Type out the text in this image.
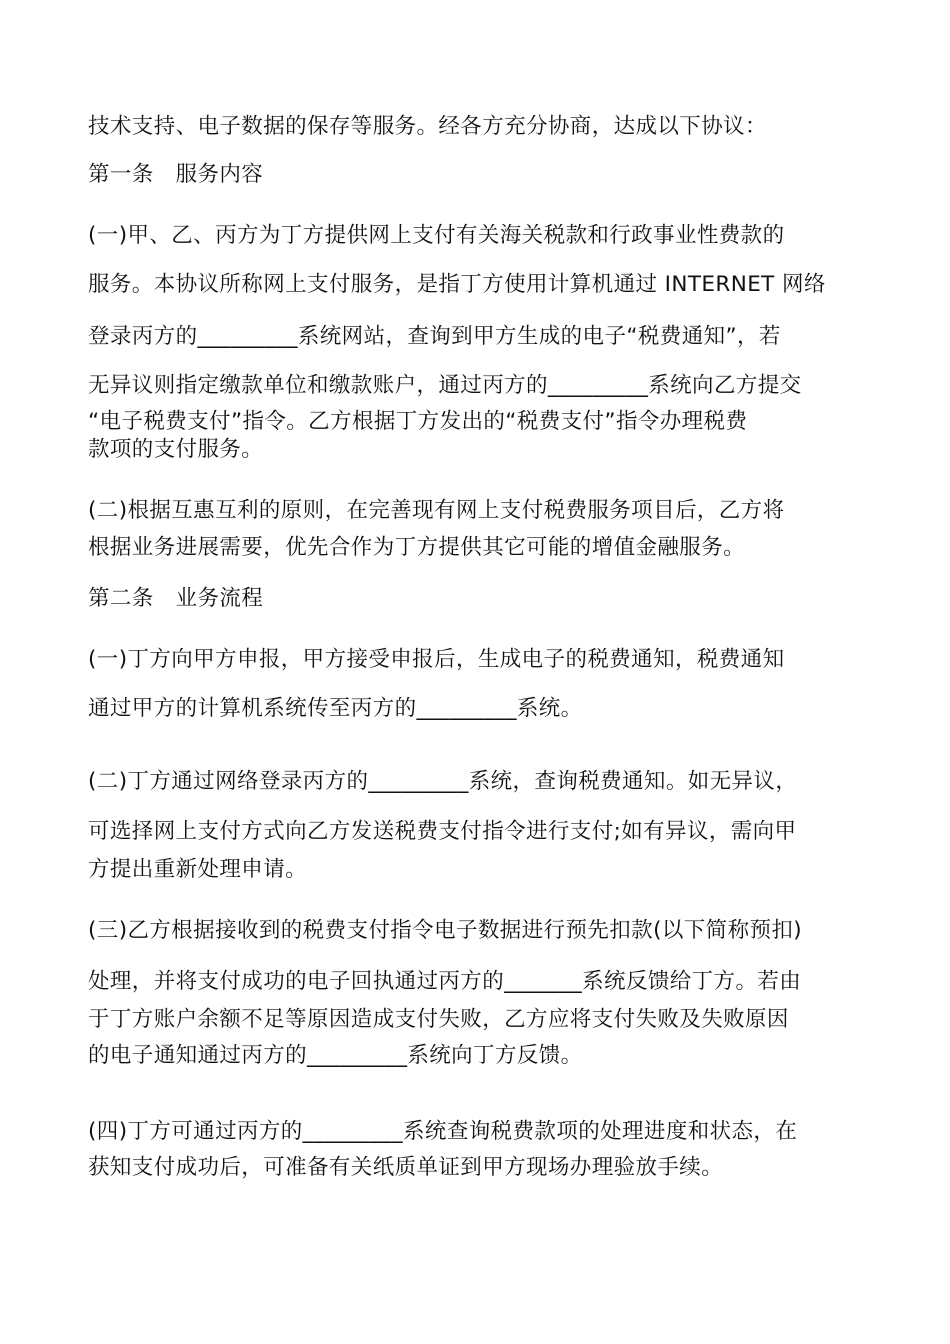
技术支持、电子数据的保存等服务。经各方充分协商，达成以下协议：
第一条　服务内容
(一)甲、乙、丙方为丁方提供网上支付有关海关税款和行政事业性费款的
服务。本协议所称网上支付服务，是指丁方使用计算机通过 INTERNET 网络
登录丙方的_________系统网站，查询到甲方生成的电子“税费通知”，若
无异议则指定缴款单位和缴款账户，通过丙方的_________系统向乙方提交
“电子税费支付”指令。乙方根据丁方发出的“税费支付”指令办理税费
款项的支付服务。
(二)根据互惠互利的原则，在完善现有网上支付税费服务项目后，乙方将
根据业务进展需要，优先合作为丁方提供其它可能的增值金融服务。
第二条　业务流程
(一)丁方向甲方申报，甲方接受申报后，生成电子的税费通知，税费通知
通过甲方的计算机系统传至丙方的_________系统。
(二)丁方通过网络登录丙方的_________系统，查询税费通知。如无异议，
可选择网上支付方式向乙方发送税费支付指令进行支付;如有异议，需向甲
方提出重新处理申请。
(三)乙方根据接收到的税费支付指令电子数据进行预先扣款(以下简称预扣)
处理，并将支付成功的电子回执通过丙方的_______系统反馈给丁方。若由
于丁方账户余额不足等原因造成支付失败，乙方应将支付失败及失败原因
的电子通知通过丙方的_________系统向丁方反馈。
(四)丁方可通过丙方的_________系统查询税费款项的处理进度和状态，在
获知支付成功后，可准备有关纸质单证到甲方现场办理验放手续。
